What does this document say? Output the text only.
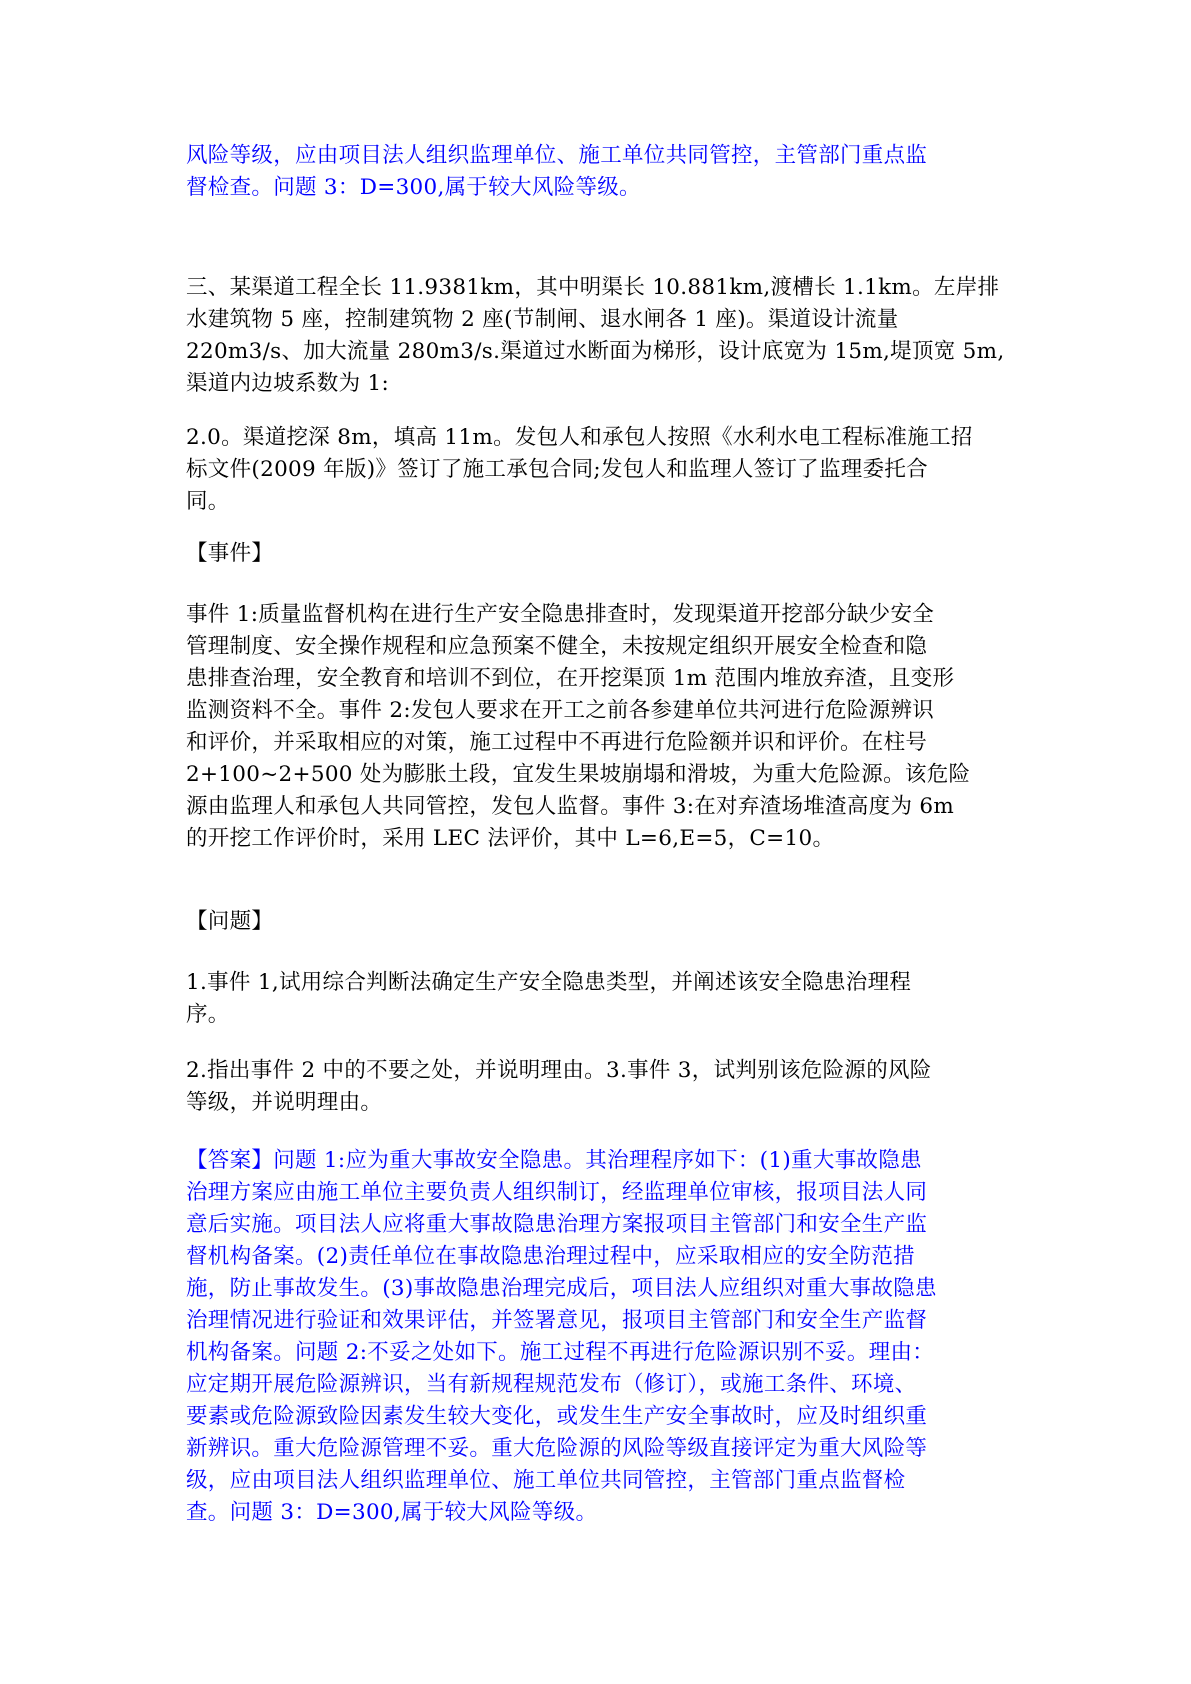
风险等级，应由项目法人组织监理单位、施工单位共同管控，主管部门重点监
督检查。问题 3：D=300,属于较大风险等级。
三、某渠道工程全长 11.9381km，其中明渠长 10.881km,渡槽长 1.1km。左岸排
水建筑物 5 座，控制建筑物 2 座(节制闸、退水闸各 1 座)。渠道设计流量
220m3/s、加大流量 280m3/s.渠道过水断面为梯形，设计底宽为 15m,堤顶宽 5m,
渠道内边坡系数为 1:
2.0。渠道挖深 8m，填高 11m。发包人和承包人按照《水利水电工程标准施工招
标文件(2009 年版)》签订了施工承包合同;发包人和监理人签订了监理委托合
同。
【事件】
事件 1:质量监督机构在进行生产安全隐患排查时，发现渠道开挖部分缺少安全
管理制度、安全操作规程和应急预案不健全，未按规定组织开展安全检查和隐
患排查治理，安全教育和培训不到位，在开挖渠顶 1m 范围内堆放弃渣，且变形
监测资料不全。事件 2:发包人要求在开工之前各参建单位共河进行危险源辨识
和评价，并采取相应的对策，施工过程中不再进行危险额并识和评价。在柱号
2+100~2+500 处为膨胀土段，宜发生果坡崩塌和滑坡，为重大危险源。该危险
源由监理人和承包人共同管控，发包人监督。事件 3:在对弃渣场堆渣高度为 6m
的开挖工作评价时，采用 LEC 法评价，其中 L=6,E=5，C=10。
【问题】
1.事件 1,试用综合判断法确定生产安全隐患类型，并阐述该安全隐患治理程
序。
2.指出事件 2 中的不要之处，并说明理由。3.事件 3，试判别该危险源的风险
等级，并说明理由。
【答案】问题 1:应为重大事故安全隐患。其治理程序如下：(1)重大事故隐患
治理方案应由施工单位主要负责人组织制订，经监理单位审核，报项目法人同
意后实施。项目法人应将重大事故隐患治理方案报项目主管部门和安全生产监
督机构备案。(2)责任单位在事故隐患治理过程中，应采取相应的安全防范措
施，防止事故发生。(3)事故隐患治理完成后，项目法人应组织对重大事故隐患
治理情况进行验证和效果评估，并签署意见，报项目主管部门和安全生产监督
机构备案。问题 2:不妥之处如下。施工过程不再进行危险源识别不妥。理由：
应定期开展危险源辨识，当有新规程规范发布（修订），或施工条件、环境、
要素或危险源致险因素发生较大变化，或发生生产安全事故时，应及时组织重
新辨识。重大危险源管理不妥。重大危险源的风险等级直接评定为重大风险等
级，应由项目法人组织监理单位、施工单位共同管控，主管部门重点监督检
查。问题 3：D=300,属于较大风险等级。
